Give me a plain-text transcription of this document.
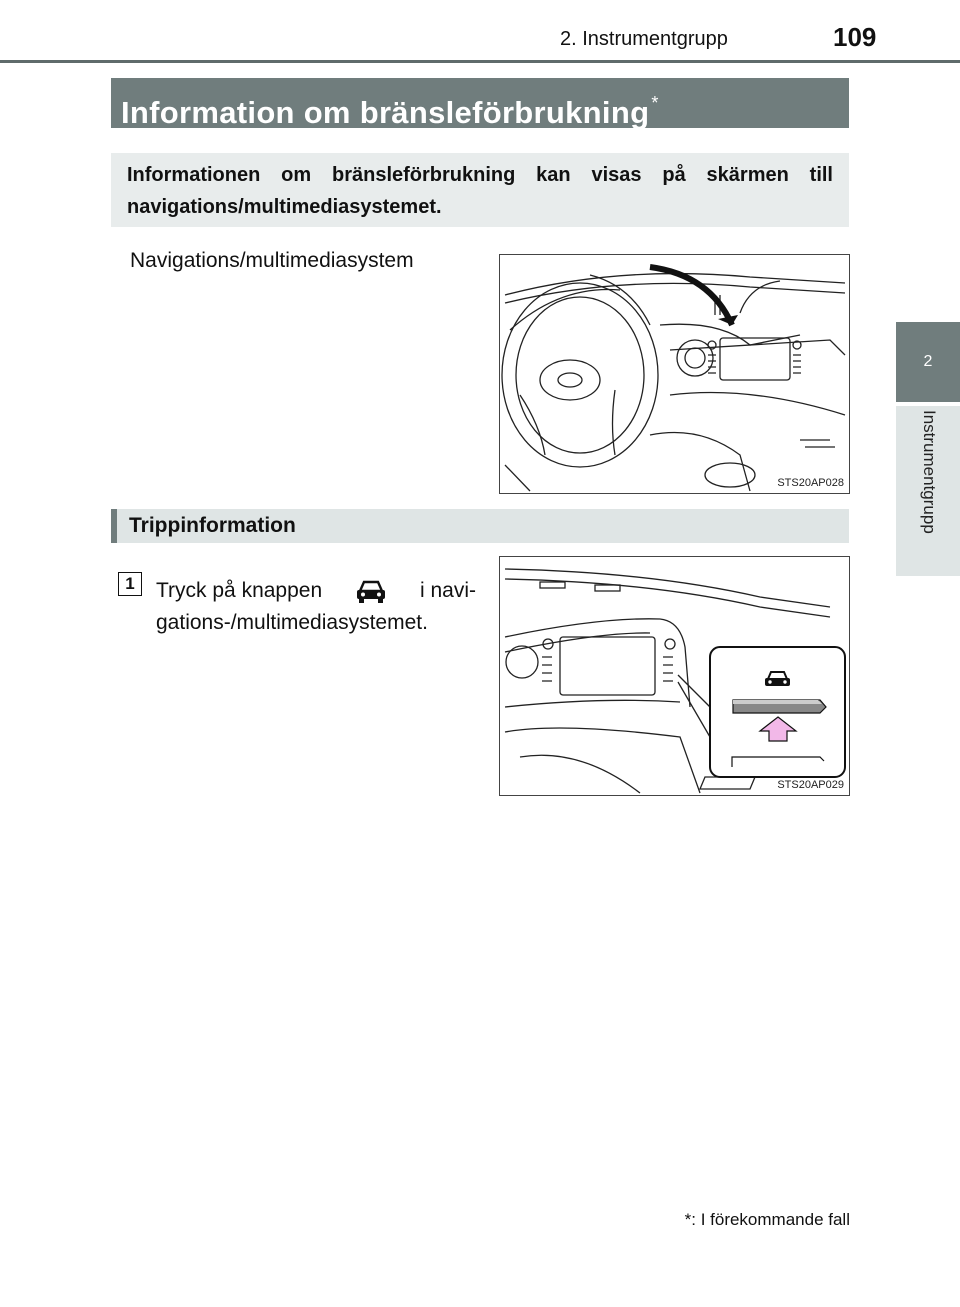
2. Instrumentgrupp	109
2
Instrumentgrupp
Information om bränsleförbrukning *
Informationen om bränsleförbrukning kan visas på skärmen till navigations/multimediasystemet.
Navigations/multimediasystem
STS20AP028
Trippinformation
1	Tryck på knappen	i navi-
gations-/multimediasystemet.
STS20AP029
*: I förekommande fall
